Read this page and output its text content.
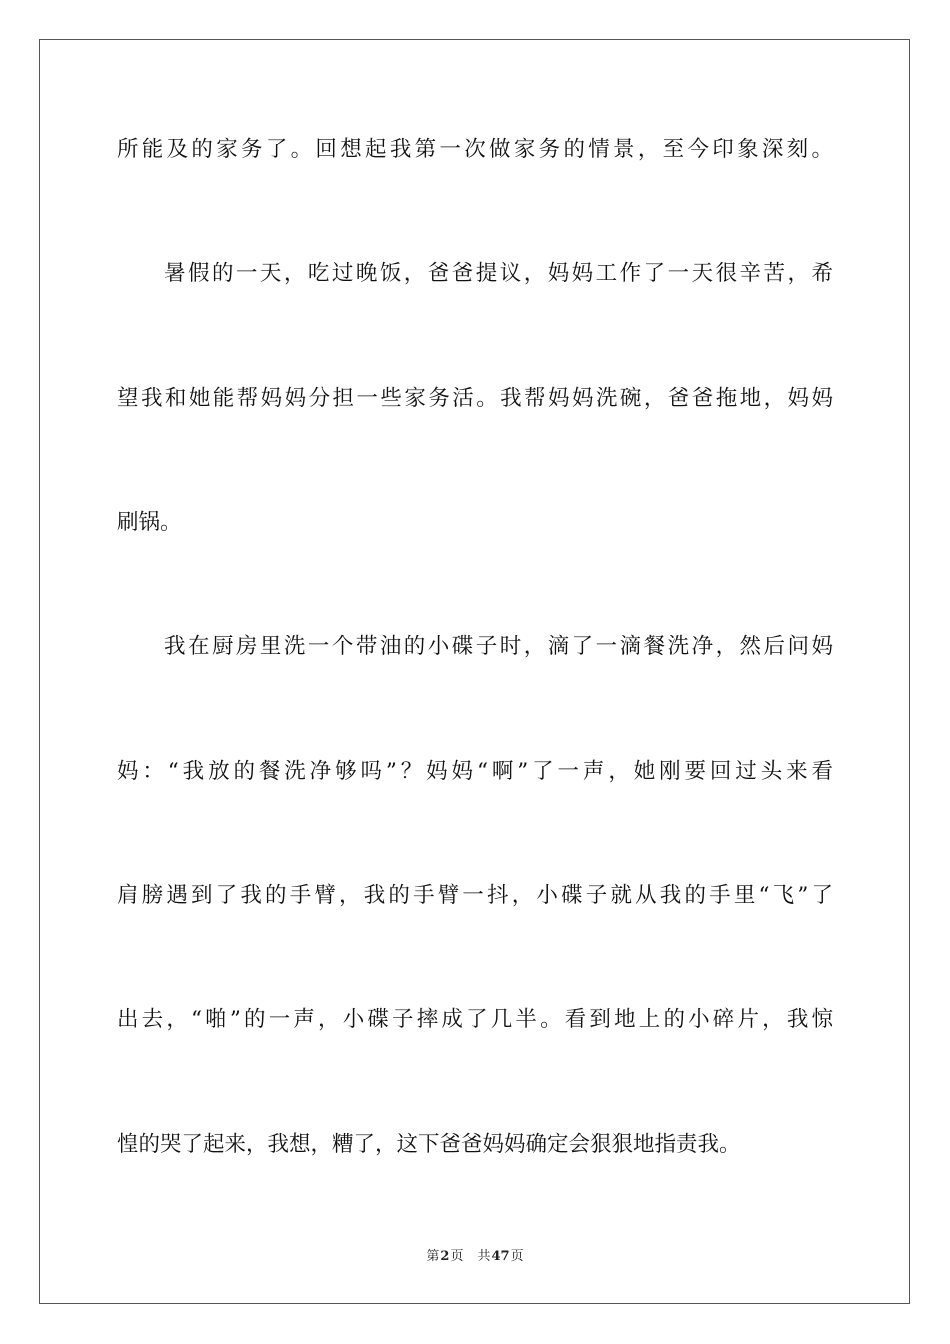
所能及的家务了。回想起我第一次做家务的情景，至今印象深刻。
暑假的一天，吃过晚饭，爸爸提议，妈妈工作了一天很辛苦，希
望我和她能帮妈妈分担一些家务活。我帮妈妈洗碗，爸爸拖地，妈妈
刷锅。
我在厨房里洗一个带油的小碟子时，滴了一滴餐洗净，然后问妈
妈：“我放的餐洗净够吗”？妈妈“啊”了一声，她刚要回过头来看
肩膀遇到了我的手臂，我的手臂一抖，小碟子就从我的手里“飞”了
出去，“啪”的一声，小碟子摔成了几半。看到地上的小碎片，我惊
惶的哭了起来，我想，糟了，这下爸爸妈妈确定会狠狠地指责我。
第2页 共47页
